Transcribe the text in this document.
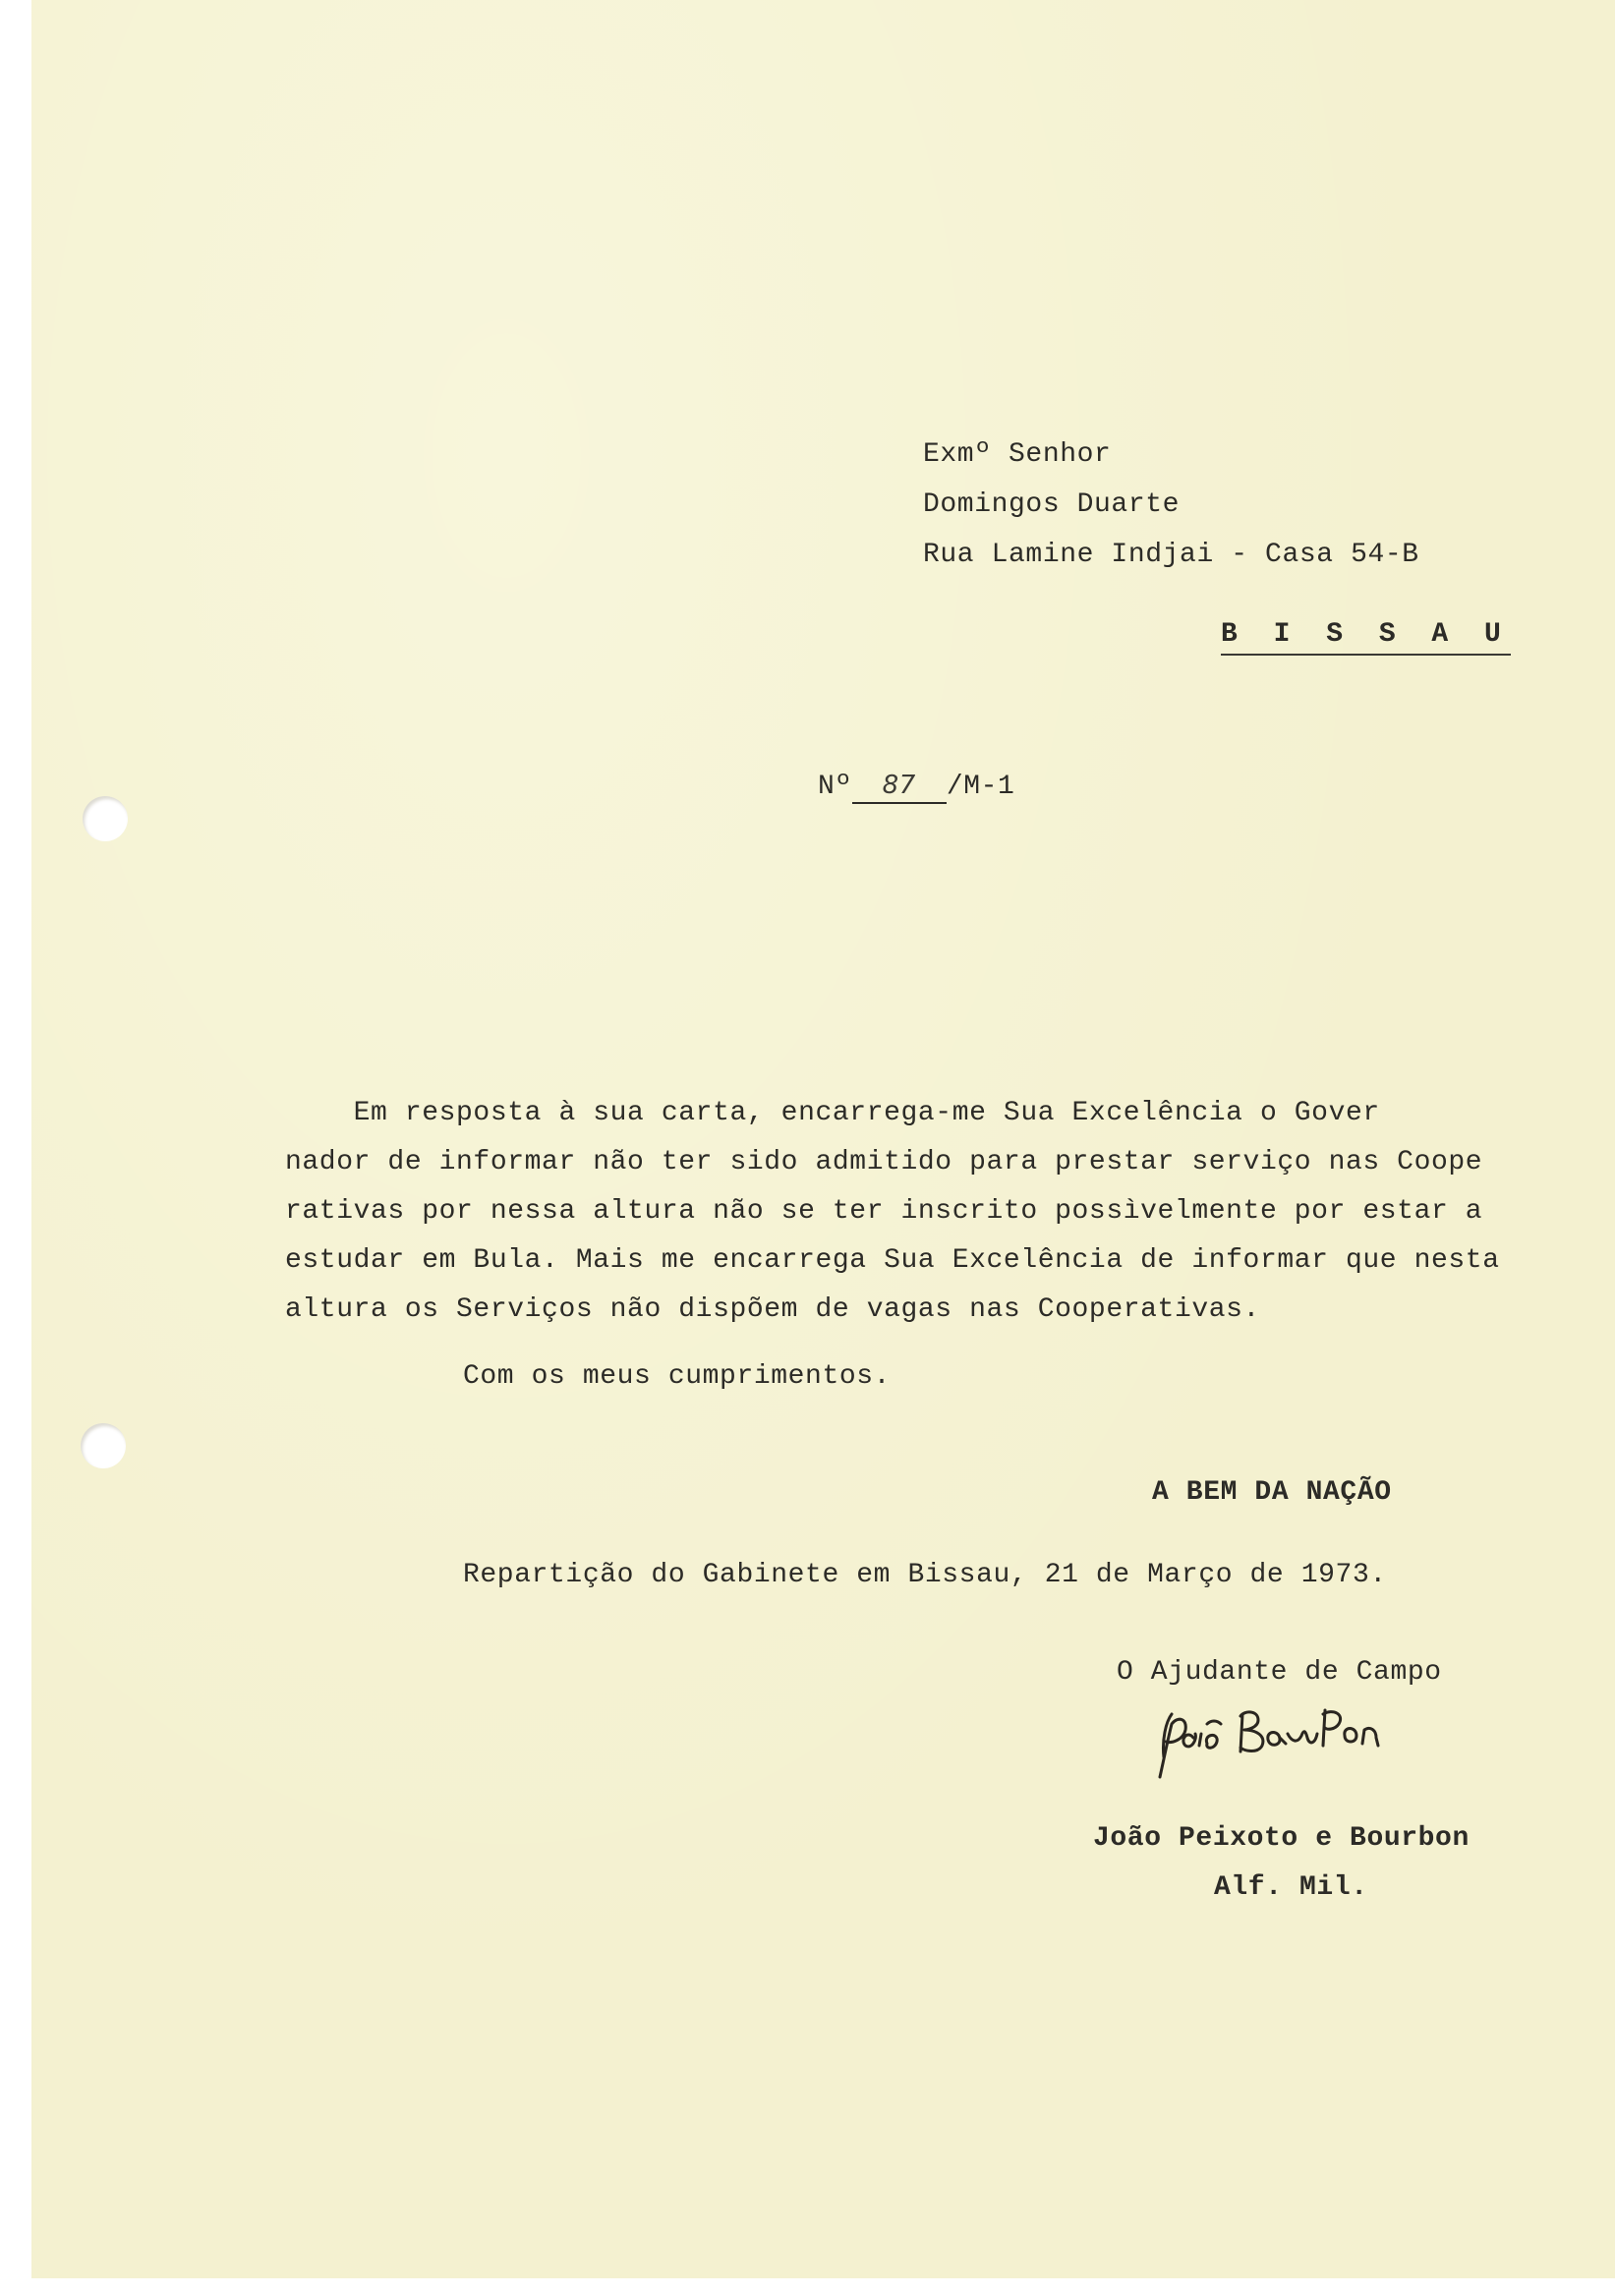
Exmº Senhor
Domingos Duarte
Rua Lamine Indjai - Casa 54-B
B I S S A U
Nº 87 /M-1
Em resposta à sua carta, encarrega-me Sua Excelência o Gover
nador de informar não ter sido admitido para prestar serviço nas Coope
rativas por nessa altura não se ter inscrito possìvelmente por estar a
estudar em Bula. Mais me encarrega Sua Excelência de informar que nesta
altura os Serviços não dispõem de vagas nas Cooperativas.
Com os meus cumprimentos.
A BEM DA NAÇÃO
Repartição do Gabinete em Bissau, 21 de Março de 1973.
O Ajudante de Campo
João Peixoto e Bourbon
Alf. Mil.
